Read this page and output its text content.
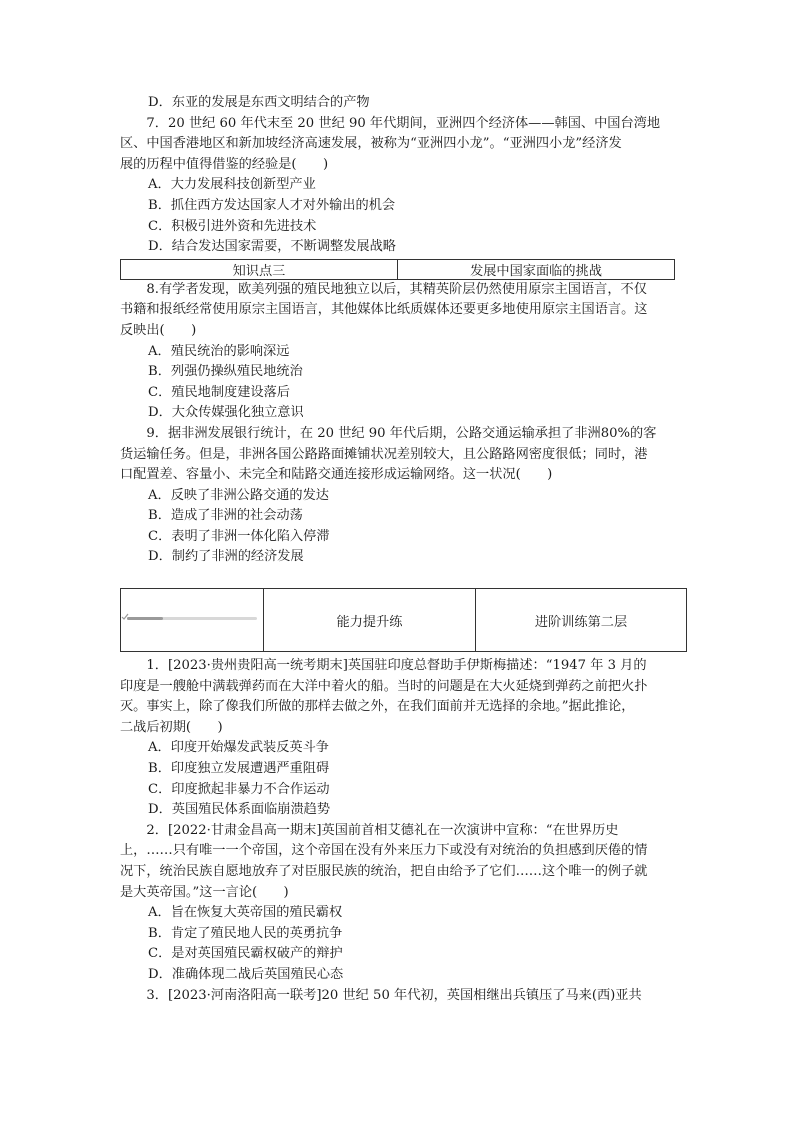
D．东亚的发展是东西文明结合的产物
7．20 世纪 60 年代末至 20 世纪 90 年代期间，亚洲四个经济体——韩国、中国台湾地
区、中国香港地区和新加坡经济高速发展，被称为“亚洲四小龙”。“亚洲四小龙”经济发
展的历程中值得借鉴的经验是(　　)
A．大力发展科技创新型产业
B．抓住西方发达国家人才对外输出的机会
C．积极引进外资和先进技术
D．结合发达国家需要，不断调整发展战略
知识点三	发展中国家面临的挑战
8.有学者发现，欧美列强的殖民地独立以后，其精英阶层仍然使用原宗主国语言，不仅
书籍和报纸经常使用原宗主国语言，其他媒体比纸质媒体还要更多地使用原宗主国语言。这
反映出(　　)
A．殖民统治的影响深远
B．列强仍操纵殖民地统治
C．殖民地制度建设落后
D．大众传媒强化独立意识
9．据非洲发展银行统计，在 20 世纪 90 年代后期，公路交通运输承担了非洲80%的客
货运输任务。但是，非洲各国公路路面摊铺状况差别较大，且公路路网密度很低；同时，港
口配置差、容量小、未完全和陆路交通连接形成运输网络。这一状况(　　)
A．反映了非洲公路交通的发达
B．造成了非洲的社会动荡
C．表明了非洲一体化陷入停滞
D．制约了非洲的经济发展
能力提升练	进阶训练第二层
1．[2023·贵州贵阳高一统考期末]英国驻印度总督助手伊斯梅描述：“1947 年 3 月的
印度是一艘舱中满载弹药而在大洋中着火的船。当时的问题是在大火延烧到弹药之前把火扑
灭。事实上，除了像我们所做的那样去做之外，在我们面前并无选择的余地。”据此推论，
二战后初期(　　)
A．印度开始爆发武装反英斗争
B．印度独立发展遭遇严重阻碍
C．印度掀起非暴力不合作运动
D．英国殖民体系面临崩溃趋势
2．[2022·甘肃金昌高一期末]英国前首相艾德礼在一次演讲中宣称：“在世界历史
上，……只有唯一一个帝国，这个帝国在没有外来压力下或没有对统治的负担感到厌倦的情
况下，统治民族自愿地放弃了对臣服民族的统治，把自由给予了它们……这个唯一的例子就
是大英帝国。”这一言论(　　)
A．旨在恢复大英帝国的殖民霸权
B．肯定了殖民地人民的英勇抗争
C．是对英国殖民霸权破产的辩护
D．准确体现二战后英国殖民心态
3．[2023·河南洛阳高一联考]20 世纪 50 年代初，英国相继出兵镇压了马来(西)亚共
